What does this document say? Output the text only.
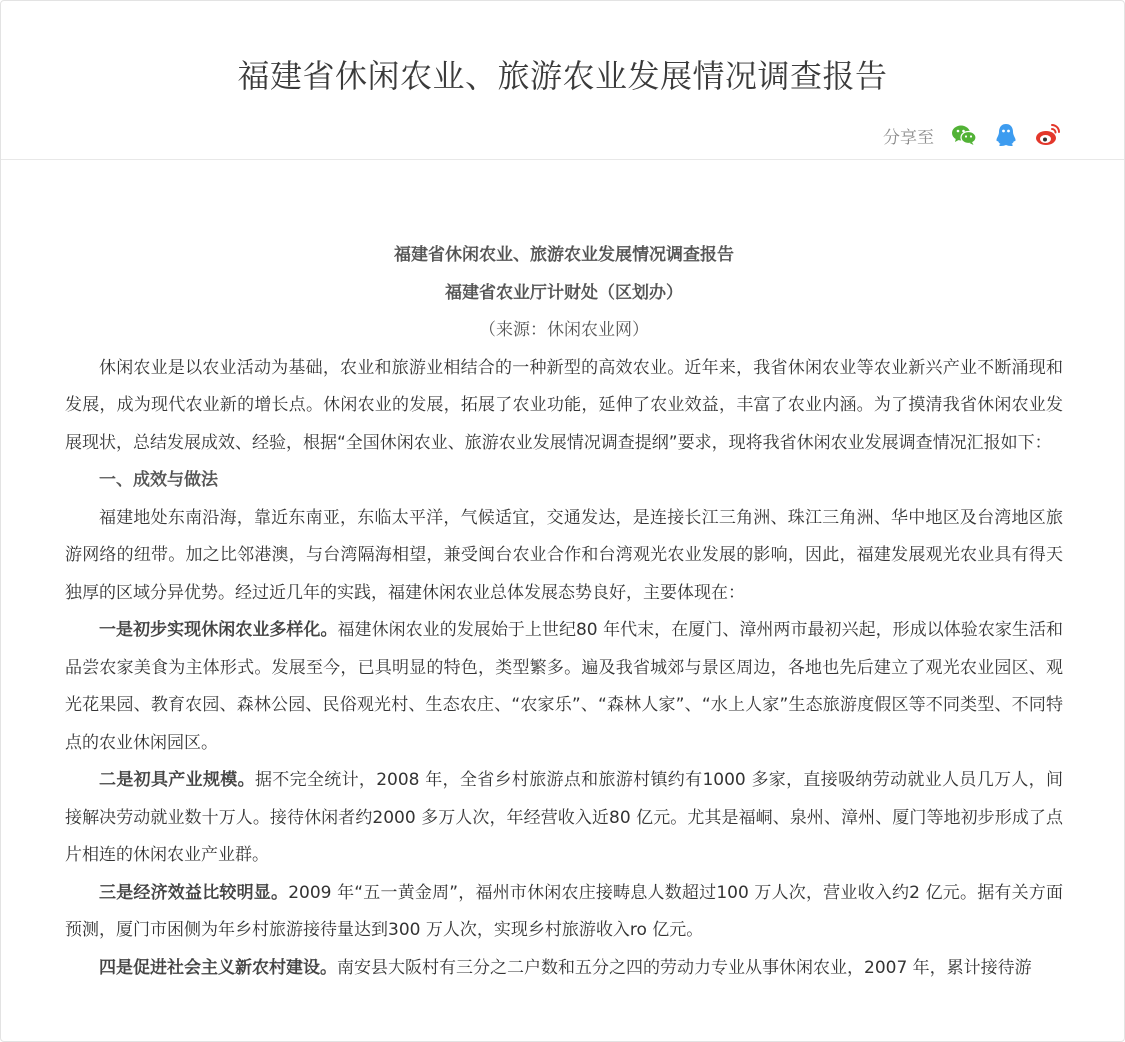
福建省休闲农业、旅游农业发展情况调查报告
分享至

福建省休闲农业、旅游农业发展情况调查报告

福建省农业厅计财处（区划办）

（来源：休闲农业网）

休闲农业是以农业活动为基础，农业和旅游业相结合的一种新型的高效农业。近年来，我省休闲农业等农业新兴产业不断涌现和发展，成为现代农业新的增长点。休闲农业的发展，拓展了农业功能，延伸了农业效益，丰富了农业内涵。为了摸清我省休闲农业发展现状，总结发展成效、经验，根据“全国休闲农业、旅游农业发展情况调查提纲”要求，现将我省休闲农业发展调查情况汇报如下：

一、成效与做法

福建地处东南沿海，靠近东南亚，东临太平洋，气候适宜，交通发达，是连接长江三角洲、珠江三角洲、华中地区及台湾地区旅游网络的纽带。加之比邻港澳，与台湾隔海相望，兼受闽台农业合作和台湾观光农业发展的影响，因此，福建发展观光农业具有得天独厚的区域分异优势。经过近几年的实践，福建休闲农业总体发展态势良好，主要体现在：

一是初步实现休闲农业多样化。福建休闲农业的发展始于上世纪80 年代末，在厦门、漳州两市最初兴起，形成以体验农家生活和品尝农家美食为主体形式。发展至今，已具明显的特色，类型繁多。遍及我省城郊与景区周边，各地也先后建立了观光农业园区、观光花果园、教育农园、森林公园、民俗观光村、生态农庄、“农家乐”、“森林人家”、“水上人家”生态旅游度假区等不同类型、不同特点的农业休闲园区。

二是初具产业规模。据不完全统计，2008 年，全省乡村旅游点和旅游村镇约有1000 多家，直接吸纳劳动就业人员几万人，间接解决劳动就业数十万人。接待休闲者约2000 多万人次，年经营收入近80 亿元。尤其是福峒、泉州、漳州、厦门等地初步形成了点片相连的休闲农业产业群。

三是经济效益比较明显。2009 年“五一黄金周”，福州市休闲农庄接畴息人数超过100 万人次，营业收入约2 亿元。据有关方面预测，厦门市困侧为年乡村旅游接待量达到300 万人次，实现乡村旅游收入ro 亿元。

四是促进社会主义新农村建设。南安县大阪村有三分之二户数和五分之四的劳动力专业从事休闲农业，2007 年，累计接待游
